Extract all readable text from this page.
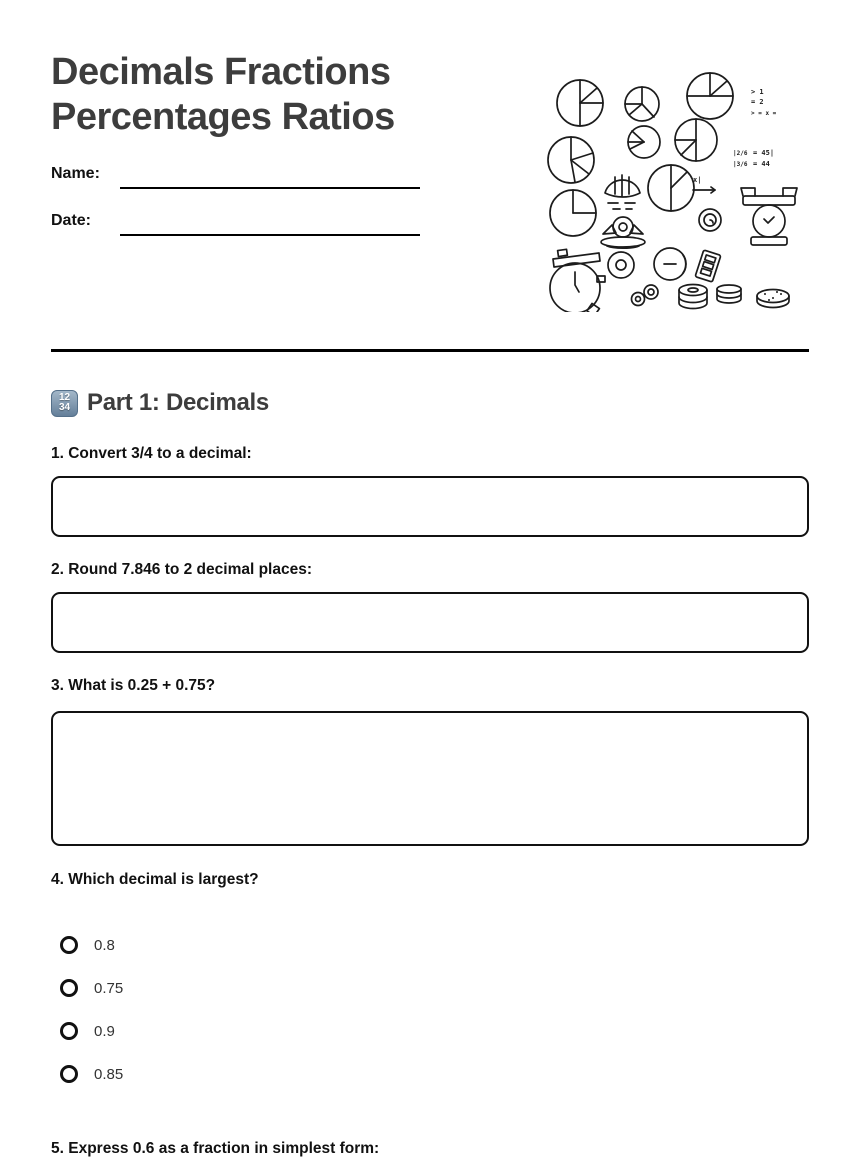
Decimals Fractions
Percentages Ratios
Name:
Date:
> 1
= 2
> = x =
|2/6
|3/6
= 45|
= 44
x|
12
34 Part 1: Decimals
1. Convert 3/4 to a decimal:
2. Round 7.846 to 2 decimal places:
3. What is 0.25 + 0.75?
4. Which decimal is largest?
0.8
0.75
0.9
0.85
5. Express 0.6 as a fraction in simplest form:
